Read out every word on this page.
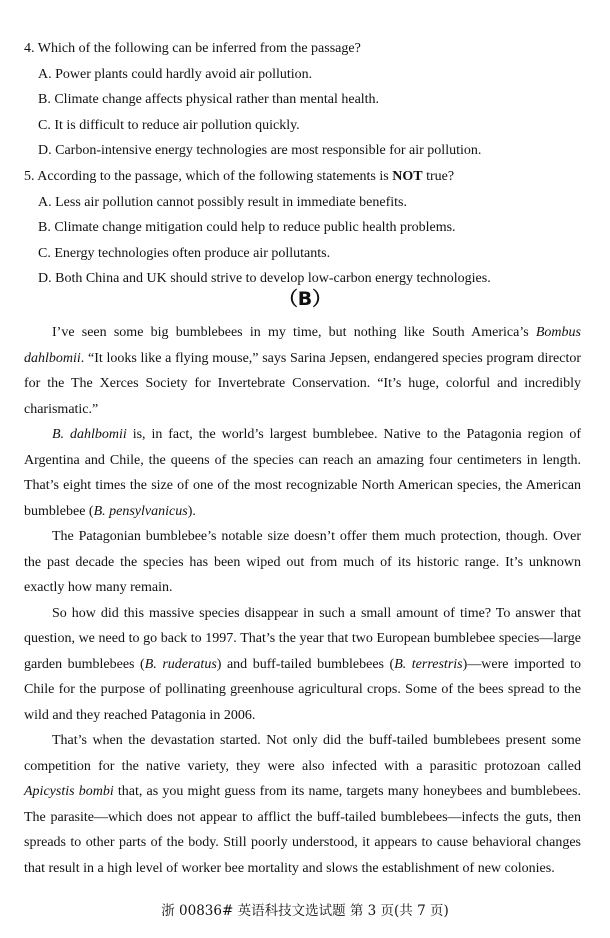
4. Which of the following can be inferred from the passage?
A. Power plants could hardly avoid air pollution.
B. Climate change affects physical rather than mental health.
C. It is difficult to reduce air pollution quickly.
D. Carbon-intensive energy technologies are most responsible for air pollution.
5. According to the passage, which of the following statements is NOT true?
A. Less air pollution cannot possibly result in immediate benefits.
B. Climate change mitigation could help to reduce public health problems.
C. Energy technologies often produce air pollutants.
D. Both China and UK should strive to develop low-carbon energy technologies.
（B）

I’ve seen some big bumblebees in my time, but nothing like South America’s Bombus dahlbomii. “It looks like a flying mouse,” says Sarina Jepsen, endangered species program director for the The Xerces Society for Invertebrate Conservation. “It’s huge, colorful and incredibly charismatic.”

B. dahlbomii is, in fact, the world’s largest bumblebee. Native to the Patagonia region of Argentina and Chile, the queens of the species can reach an amazing four centimeters in length. That’s eight times the size of one of the most recognizable North American species, the American bumblebee (B. pensylvanicus).

The Patagonian bumblebee’s notable size doesn’t offer them much protection, though. Over the past decade the species has been wiped out from much of its historic range. It’s unknown exactly how many remain.

So how did this massive species disappear in such a small amount of time? To answer that question, we need to go back to 1997. That’s the year that two European bumblebee species—large garden bumblebees (B. ruderatus) and buff-tailed bumblebees (B. terrestris)—were imported to Chile for the purpose of pollinating greenhouse agricultural crops. Some of the bees spread to the wild and they reached Patagonia in 2006.

That’s when the devastation started. Not only did the buff-tailed bumblebees present some competition for the native variety, they were also infected with a parasitic protozoan called Apicystis bombi that, as you might guess from its name, targets many honeybees and bumblebees. The parasite—which does not appear to afflict the buff-tailed bumblebees—infects the guts, then spreads to other parts of the body. Still poorly understood, it appears to cause behavioral changes that result in a high level of worker bee mortality and slows the establishment of new colonies.

浙 00836# 英语科技文选试题 第 3 页(共 7 页)
